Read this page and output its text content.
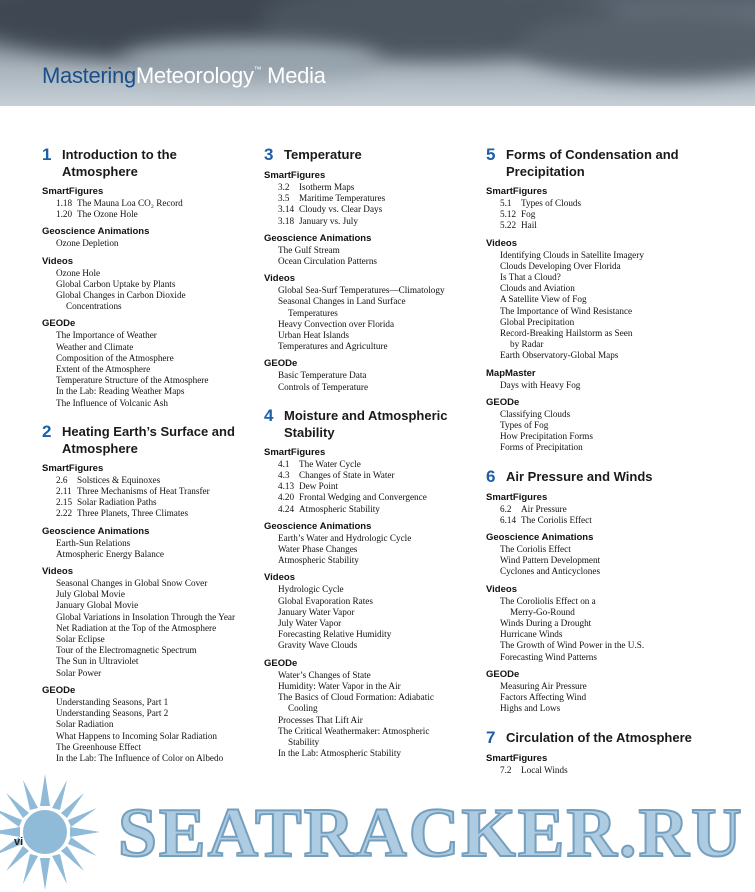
MasteringMeteorology™ Media
1 Introduction to the Atmosphere
SmartFigures
1.18 The Mauna Loa CO₂ Record
1.20 The Ozone Hole
Geoscience Animations
Ozone Depletion
Videos
Ozone Hole
Global Carbon Uptake by Plants
Global Changes in Carbon Dioxide
Concentrations
GEODe
The Importance of Weather
Weather and Climate
Composition of the Atmosphere
Extent of the Atmosphere
Temperature Structure of the Atmosphere
In the Lab: Reading Weather Maps
The Influence of Volcanic Ash
2 Heating Earth’s Surface and Atmosphere
SmartFigures
2.6 Solstices & Equinoxes
2.11 Three Mechanisms of Heat Transfer
2.15 Solar Radiation Paths
2.22 Three Planets, Three Climates
Geoscience Animations
Earth-Sun Relations
Atmospheric Energy Balance
Videos
Seasonal Changes in Global Snow Cover
July Global Movie
January Global Movie
Global Variations in Insolation Through the Year
Net Radiation at the Top of the Atmosphere
Solar Eclipse
Tour of the Electromagnetic Spectrum
The Sun in Ultraviolet
Solar Power
GEODe
Understanding Seasons, Part 1
Understanding Seasons, Part 2
Solar Radiation
What Happens to Incoming Solar Radiation
The Greenhouse Effect
In the Lab: The Influence of Color on Albedo
3 Temperature
SmartFigures
3.2 Isotherm Maps
3.5 Maritime Temperatures
3.14 Cloudy vs. Clear Days
3.18 January vs. July
Geoscience Animations
The Gulf Stream
Ocean Circulation Patterns
Videos
Global Sea-Surf Temperatures—Climatology
Seasonal Changes in Land Surface
Temperatures
Heavy Convection over Florida
Urban Heat Islands
Temperatures and Agriculture
GEODe
Basic Temperature Data
Controls of Temperature
4 Moisture and Atmospheric Stability
SmartFigures
4.1 The Water Cycle
4.3 Changes of State in Water
4.13 Dew Point
4.20 Frontal Wedging and Convergence
4.24 Atmospheric Stability
Geoscience Animations
Earth’s Water and Hydrologic Cycle
Water Phase Changes
Atmospheric Stability
Videos
Hydrologic Cycle
Global Evaporation Rates
January Water Vapor
July Water Vapor
Forecasting Relative Humidity
Gravity Wave Clouds
GEODe
Water’s Changes of State
Humidity: Water Vapor in the Air
The Basics of Cloud Formation: Adiabatic
Cooling
Processes That Lift Air
The Critical Weathermaker: Atmospheric
Stability
In the Lab: Atmospheric Stability
5 Forms of Condensation and Precipitation
SmartFigures
5.1 Types of Clouds
5.12 Fog
5.22 Hail
Videos
Identifying Clouds in Satellite Imagery
Clouds Developing Over Florida
Is That a Cloud?
Clouds and Aviation
A Satellite View of Fog
The Importance of Wind Resistance
Global Precipitation
Record-Breaking Hailstorm as Seen
by Radar
Earth Observatory-Global Maps
MapMaster
Days with Heavy Fog
GEODe
Classifying Clouds
Types of Fog
How Precipitation Forms
Forms of Precipitation
6 Air Pressure and Winds
SmartFigures
6.2 Air Pressure
6.14 The Coriolis Effect
Geoscience Animations
The Coriolis Effect
Wind Pattern Development
Cyclones and Anticyclones
Videos
The Coroliolis Effect on a
Merry-Go-Round
Winds During a Drought
Hurricane Winds
The Growth of Wind Power in the U.S.
Forecasting Wind Patterns
GEODe
Measuring Air Pressure
Factors Affecting Wind
Highs and Lows
7 Circulation of the Atmosphere
SmartFigures
7.2 Local Winds
vi SEATRACKER.RU
